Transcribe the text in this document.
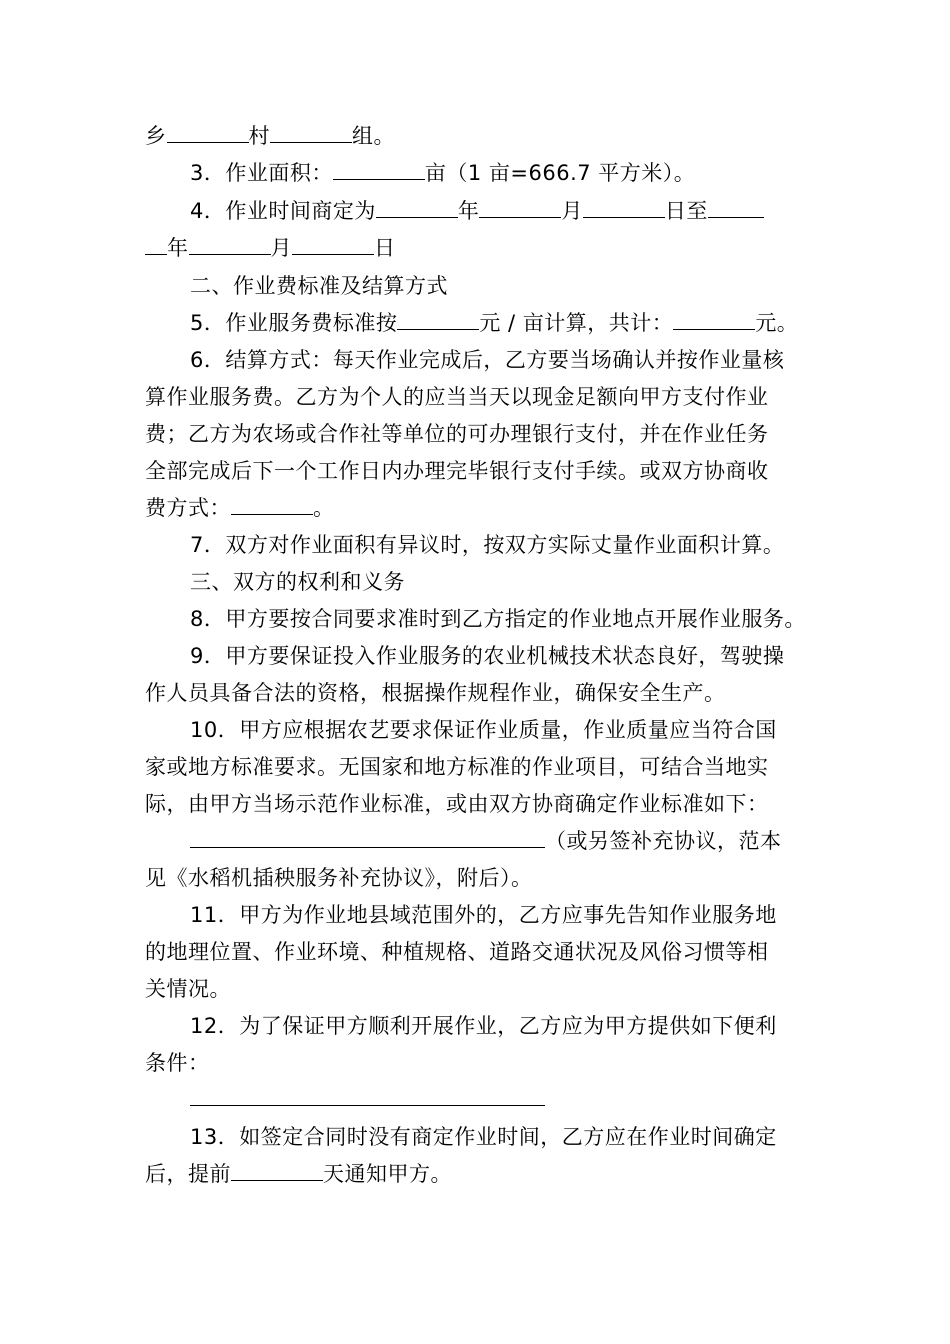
乡	村	组。
3．作业面积：	亩（1 亩=666.7 平方米）。
4．作业时间商定为	年	月	日至
年	月	日
二、作业费标准及结算方式
5．作业服务费标准按	元 / 亩计算，共计：	元。
6．结算方式：每天作业完成后，乙方要当场确认并按作业量核
算作业服务费。乙方为个人的应当当天以现金足额向甲方支付作业
费；乙方为农场或合作社等单位的可办理银行支付，并在作业任务
全部完成后下一个工作日内办理完毕银行支付手续。或双方协商收
费方式：	。
7．双方对作业面积有异议时，按双方实际丈量作业面积计算。
三、双方的权利和义务
8．甲方要按合同要求准时到乙方指定的作业地点开展作业服务。
9．甲方要保证投入作业服务的农业机械技术状态良好，驾驶操
作人员具备合法的资格，根据操作规程作业，确保安全生产。
10．甲方应根据农艺要求保证作业质量，作业质量应当符合国
家或地方标准要求。无国家和地方标准的作业项目，可结合当地实
际，由甲方当场示范作业标准，或由双方协商确定作业标准如下：
（或另签补充协议，范本
见《水稻机插秧服务补充协议》，附后）。
11．甲方为作业地县域范围外的，乙方应事先告知作业服务地
的地理位置、作业环境、种植规格、道路交通状况及风俗习惯等相
关情况。
12．为了保证甲方顺利开展作业，乙方应为甲方提供如下便利
条件：
13．如签定合同时没有商定作业时间，乙方应在作业时间确定
后，提前	天通知甲方。
